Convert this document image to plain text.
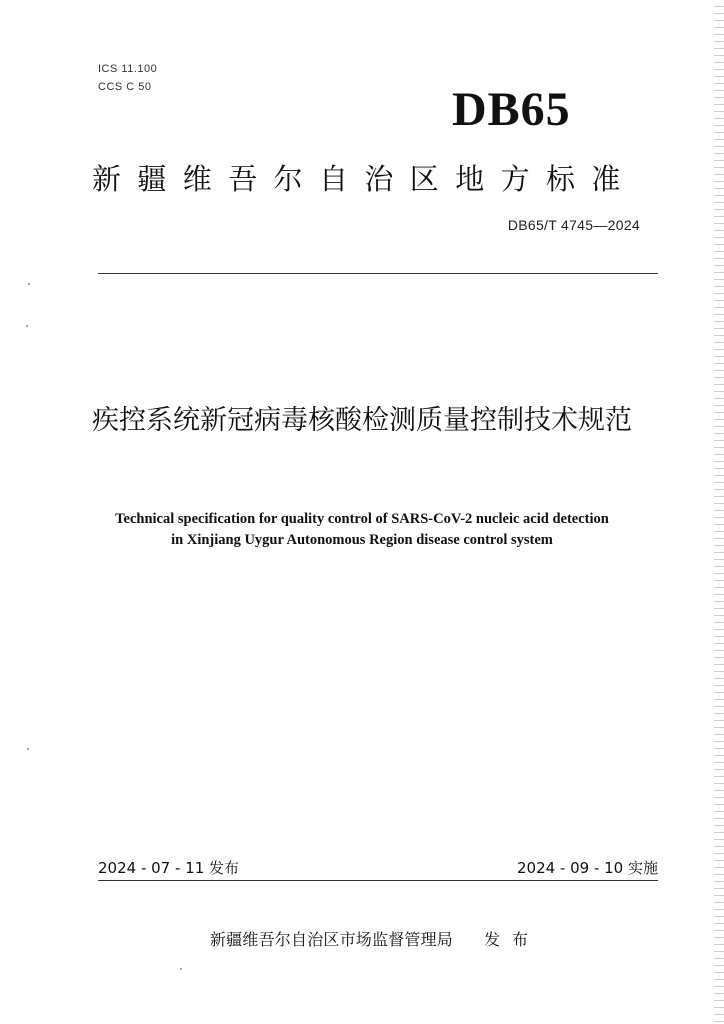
ICS 11.100
CCS C 50	DB65
新疆维吾尔自治区地方标准
DB65/T 4745—2024
疾控系统新冠病毒核酸检测质量控制技术规范
Technical specification for quality control of SARS-CoV-2 nucleic acid detection
in Xinjiang Uygur Autonomous Region disease control system
2024 - 07 - 11 发布	2024 - 09 - 10 实施
新疆维吾尔自治区市场监督管理局 发布
